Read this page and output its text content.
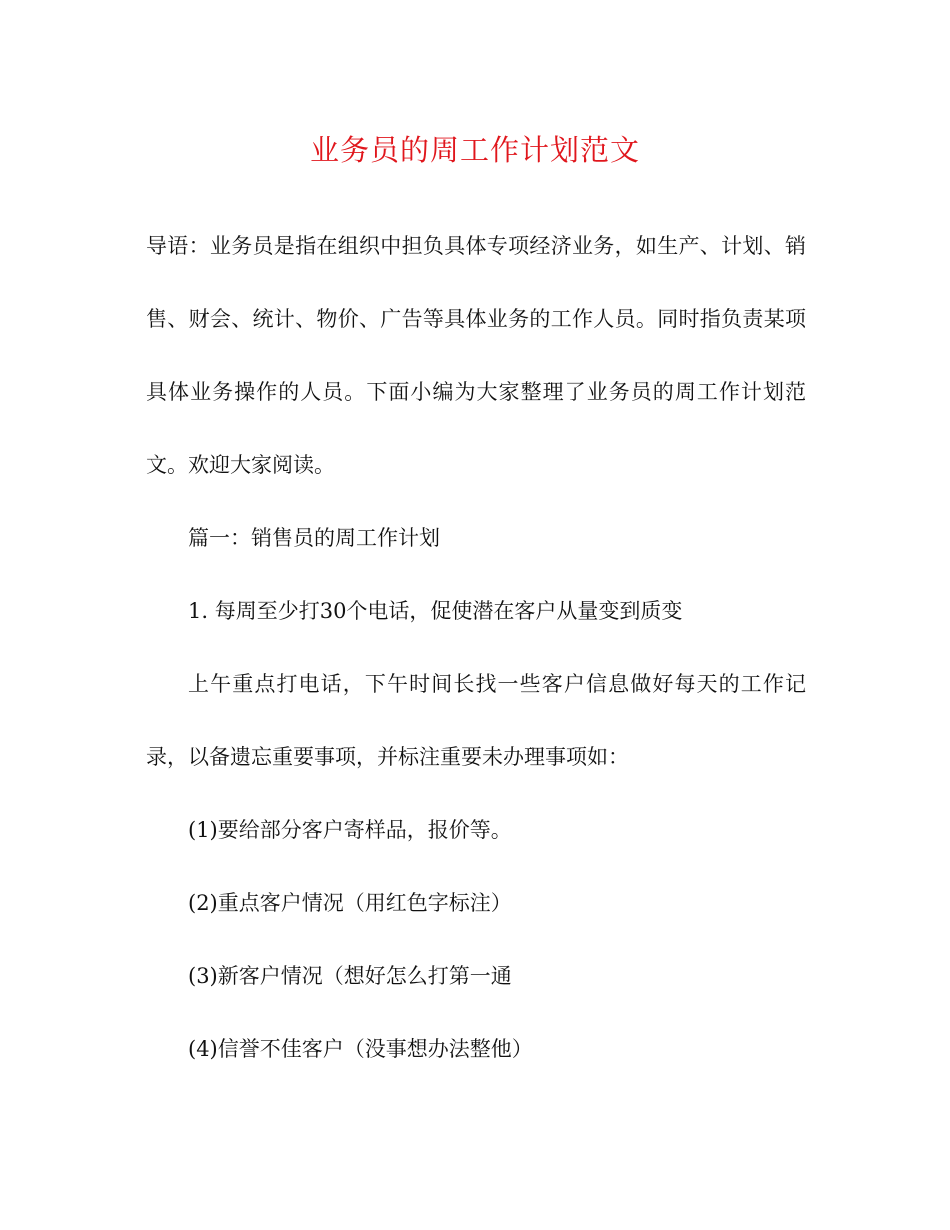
业务员的周工作计划范文

导语：业务员是指在组织中担负具体专项经济业务，如生产、计划、销售、财会、统计、物价、广告等具体业务的工作人员。同时指负责某项具体业务操作的人员。下面小编为大家整理了业务员的周工作计划范文。欢迎大家阅读。

篇一：销售员的周工作计划

1. 每周至少打30个电话，促使潜在客户从量变到质变

上午重点打电话，下午时间长找一些客户信息做好每天的工作记录，以备遗忘重要事项，并标注重要未办理事项如：

(1)要给部分客户寄样品，报价等。

(2)重点客户情况（用红色字标注）

(3)新客户情况（想好怎么打第一通

(4)信誉不佳客户（没事想办法整他）
